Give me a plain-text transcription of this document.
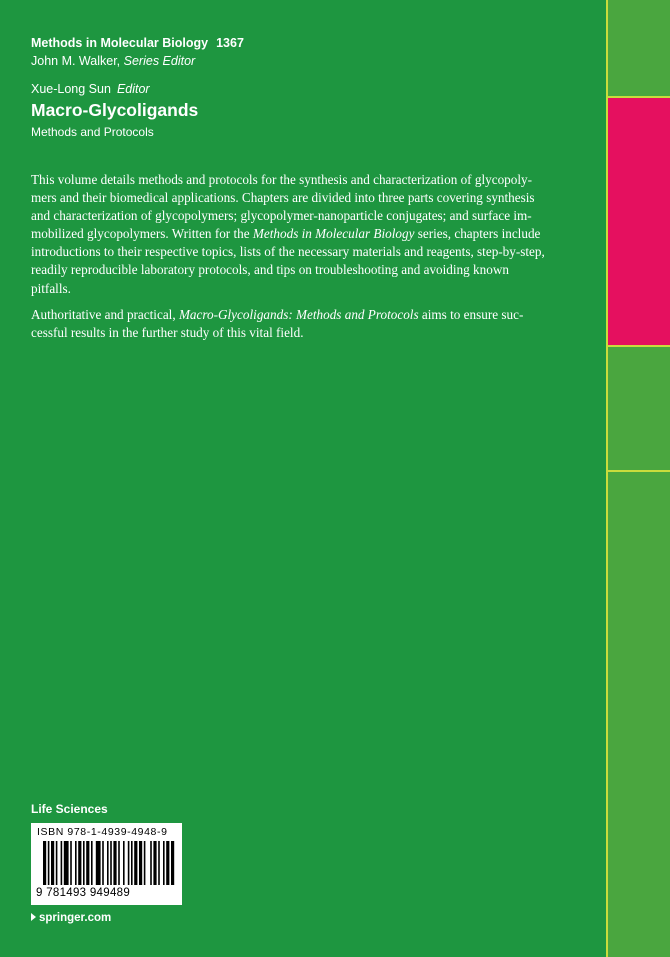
Methods in Molecular Biology 1367
John M. Walker, Series Editor
Xue-Long Sun Editor
Macro-Glycoligands
Methods and Protocols

This volume details methods and protocols for the synthesis and characterization of glycopoly-
mers and their biomedical applications. Chapters are divided into three parts covering synthesis
and characterization of glycopolymers; glycopolymer-nanoparticle conjugates; and surface im-
mobilized glycopolymers. Written for the Methods in Molecular Biology series, chapters include
introductions to their respective topics, lists of the necessary materials and reagents, step-by-step,
readily reproducible laboratory protocols, and tips on troubleshooting and avoiding known
pitfalls.

Authoritative and practical, Macro-Glycoligands: Methods and Protocols aims to ensure suc-
cessful results in the further study of this vital field.

Life Sciences
ISBN 978-1-4939-4948-9
9 781493 949489
springer.com
